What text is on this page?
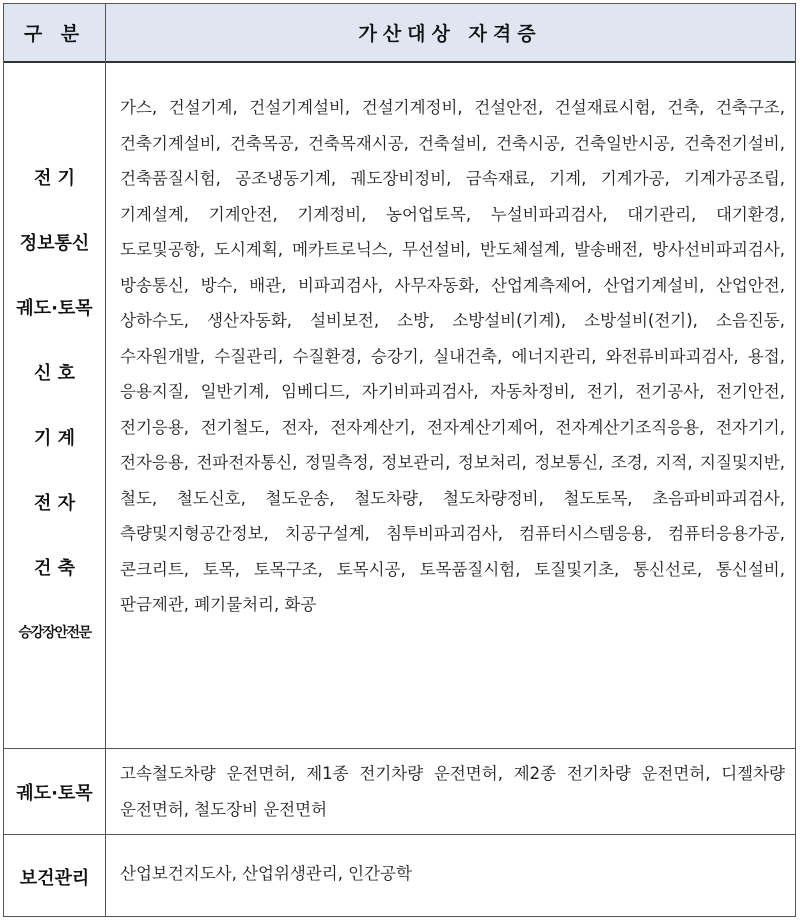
구 분	가산대상 자격증
전 기
정보통신
궤도·토목
신 호
기 계
전 자
건 축
승강장안전문
가스, 건설기계, 건설기계설비, 건설기계정비, 건설안전, 건설재료시험, 건축, 건축구조, 건축기계설비, 건축목공, 건축목재시공, 건축설비, 건축시공, 건축일반시공, 건축전기설비, 건축품질시험, 공조냉동기계, 궤도장비정비, 금속재료, 기계, 기계가공, 기계가공조립, 기계설계, 기계안전, 기계정비, 농어업토목, 누설비파괴검사, 대기관리, 대기환경, 도로및공항, 도시계획, 메카트로닉스, 무선설비, 반도체설계, 발송배전, 방사선비파괴검사, 방송통신, 방수, 배관, 비파괴검사, 사무자동화, 산업계측제어, 산업기계설비, 산업안전, 상하수도, 생산자동화, 설비보전, 소방, 소방설비(기계), 소방설비(전기), 소음진동, 수자원개발, 수질관리, 수질환경, 승강기, 실내건축, 에너지관리, 와전류비파괴검사, 용접, 응용지질, 일반기계, 임베디드, 자기비파괴검사, 자동차정비, 전기, 전기공사, 전기안전, 전기응용, 전기철도, 전자, 전자계산기, 전자계산기제어, 전자계산기조직응용, 전자기기, 전자응용, 전파전자통신, 정밀측정, 정보관리, 정보처리, 정보통신, 조경, 지적, 지질및지반, 철도, 철도신호, 철도운송, 철도차량, 철도차량정비, 철도토목, 초음파비파괴검사, 측량및지형공간정보, 치공구설계, 침투비파괴검사, 컴퓨터시스템응용, 컴퓨터응용가공, 콘크리트, 토목, 토목구조, 토목시공, 토목품질시험, 토질및기초, 통신선로, 통신설비, 판금제관, 폐기물처리, 화공
궤도·토목
고속철도차량 운전면허, 제1종 전기차량 운전면허, 제2종 전기차량 운전면허, 디젤차량 운전면허, 철도장비 운전면허
보건관리 산업보건지도사, 산업위생관리, 인간공학
